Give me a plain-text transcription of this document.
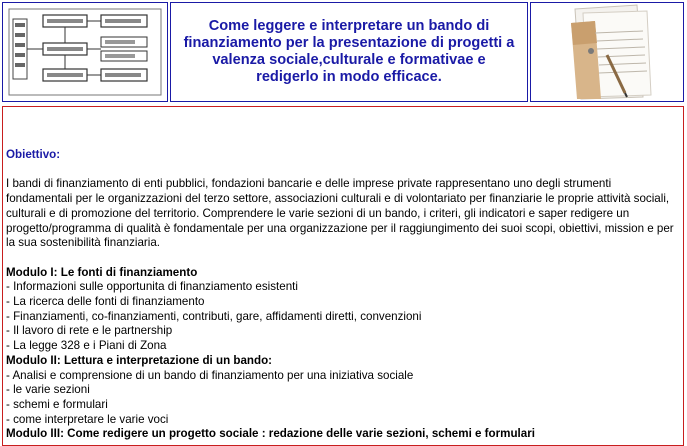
Come leggere e interpretare un bando di finanziamento per la presentazione di progetti a valenza sociale,culturale e formativae e redigerlo in modo efficace.

Obiettivo:

I bandi di finanziamento di enti pubblici, fondazioni bancarie e delle imprese private rappresentano uno degli strumenti fondamentali per le organizzazioni del terzo settore, associazioni culturali e di volontariato per finanziarie le proprie attività sociali, culturali e di promozione del territorio. Comprendere le varie sezioni di un bando, i criteri, gli indicatori e saper redigere un progetto/programma di qualità è fondamentale per una organizzazione per il raggiungimento dei suoi scopi, obiettivi, mission e per la sua sostenibilità finanziaria.

Modulo I: Le fonti di finanziamento

- Informazioni sulle opportunita di finanziamento esistenti
- La ricerca delle fonti di finanziamento
- Finanziamenti, co-finanziamenti, contributi, gare, affidamenti diretti, convenzioni
- Il lavoro di rete e le partnership
- La legge 328 e i Piani di Zona

Modulo II: Lettura e interpretazione di un bando:

- Analisi e comprensione di un bando di finanziamento per una iniziativa sociale
- le varie sezioni
- schemi e formulari
- come interpretare le varie voci

Modulo III: Come redigere un progetto sociale : redazione delle varie sezioni, schemi e formulari
